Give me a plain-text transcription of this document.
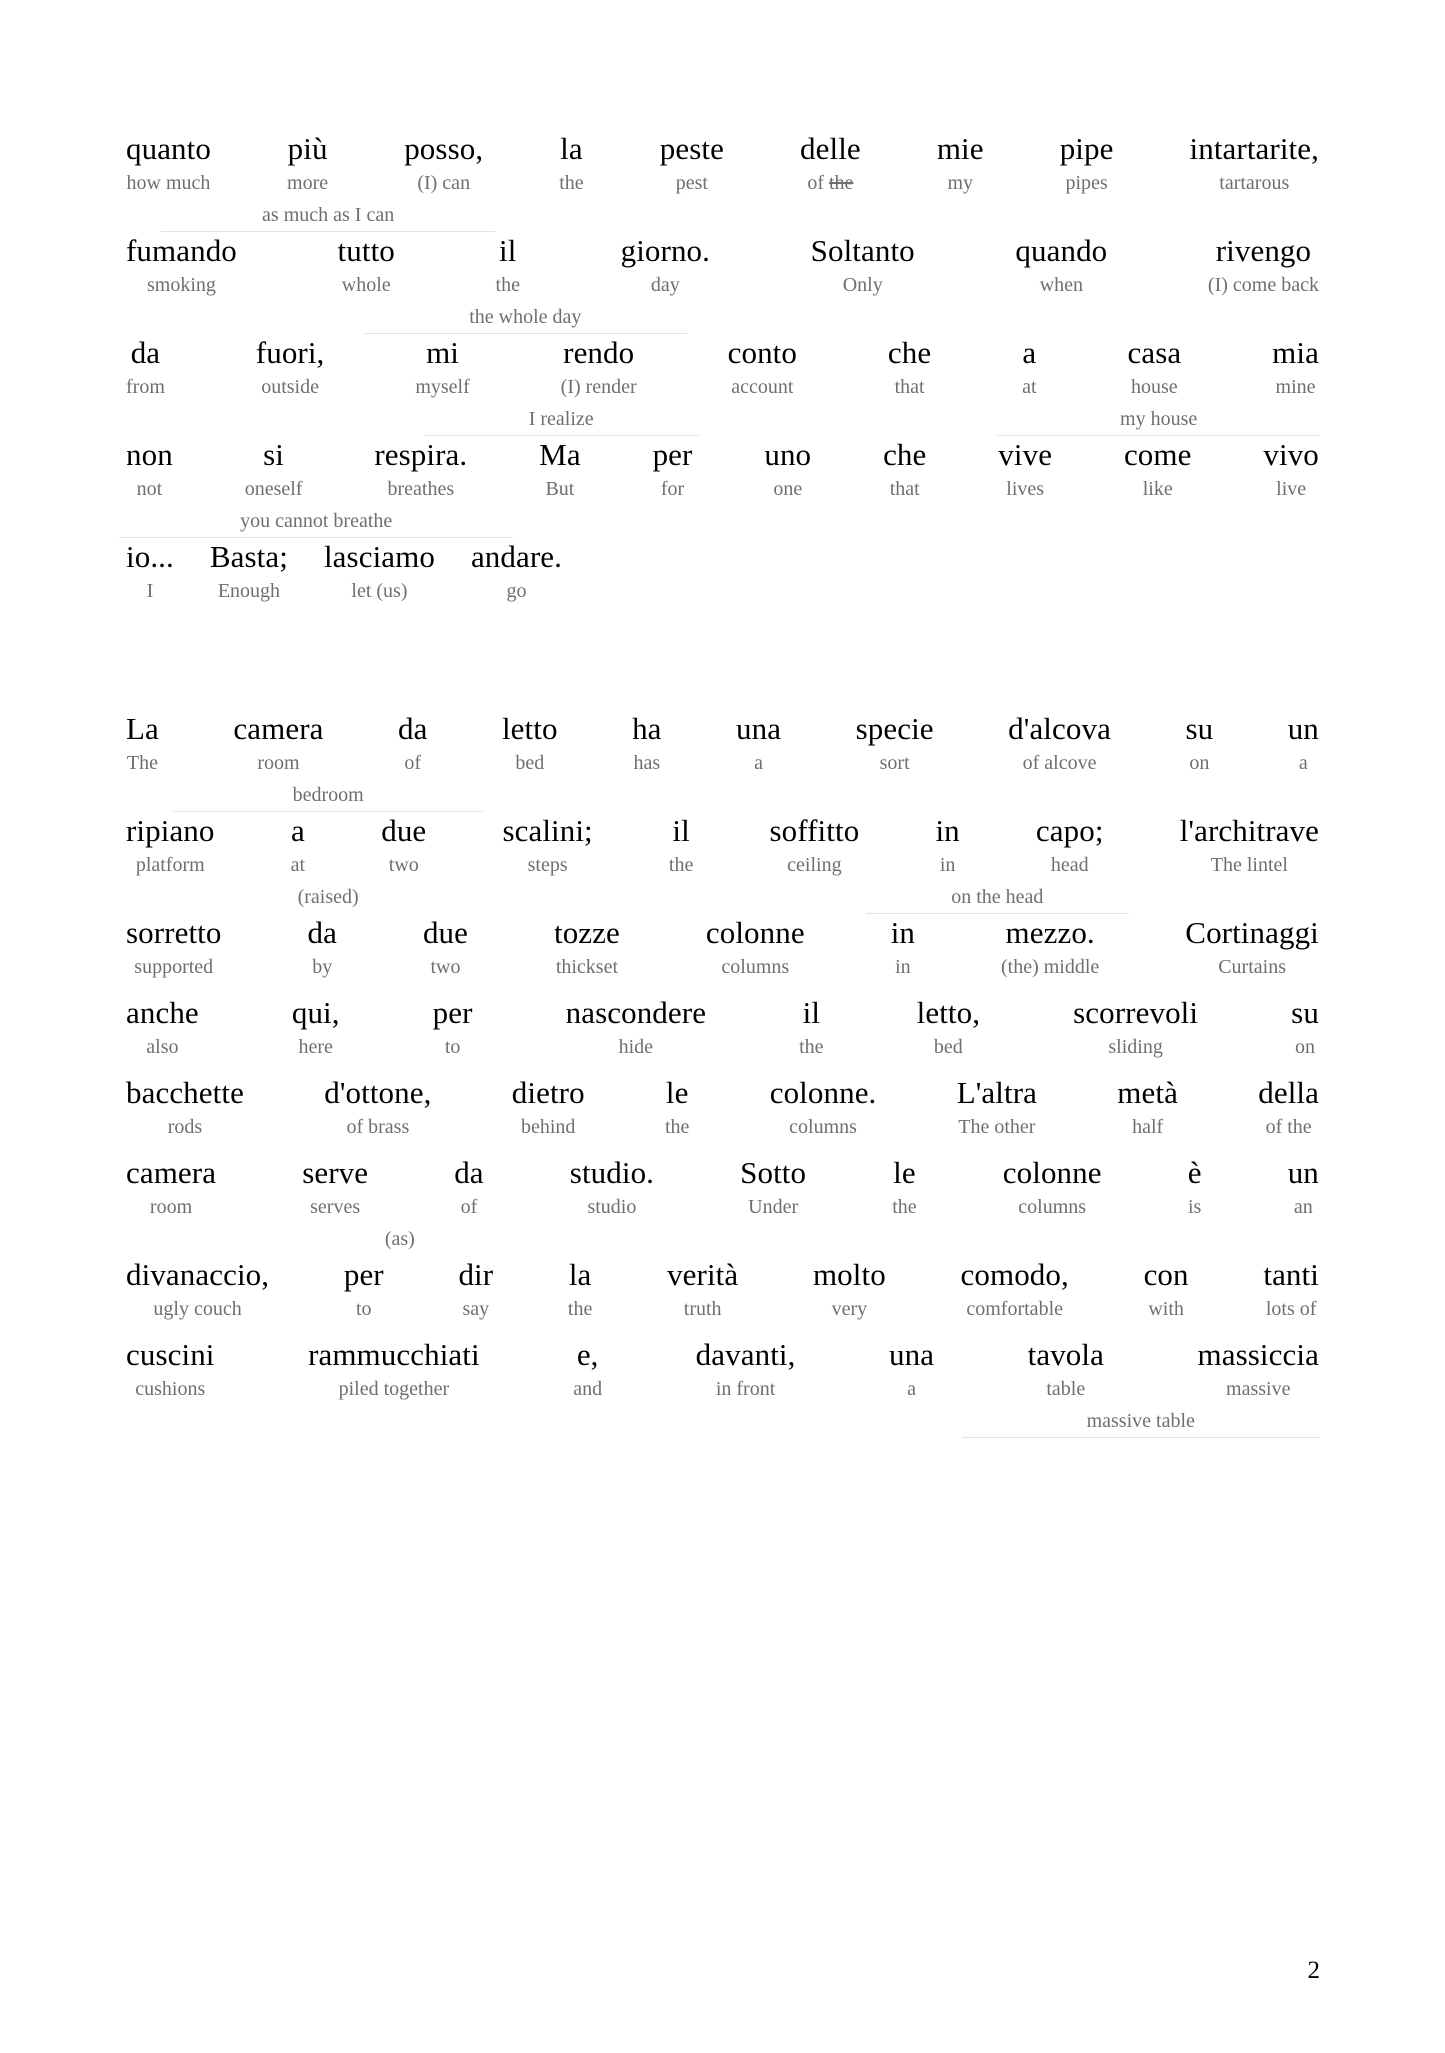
quanto
how much
più
more
posso,
(I) can
la
the
peste
pest
delle
of the
mie
my
pipe
pipes
intartarite,
tartarous
as much as I can
fumando
smoking
tutto
whole
il
the
giorno.
day
Soltanto
Only
quando
when
rivengo
(I) come back
the whole day
da
from
fuori,
outside
mi
myself
rendo
(I) render
conto
account
che
that
a
at
casa
house
mia
mine
I realize	my house
non
not
si
oneself
respira.
breathes
Ma
But
per
for
uno
one
che
that
vive
lives
come
like
vivo
live
you cannot breathe
io...
I
Basta;
Enough
lasciamo
let (us)
andare.
go
La
The
camera
room
da
of
letto
bed
ha
has
una
a
specie
sort
d'alcova
of alcove
su
on
un
a
bedroom
ripiano
platform
a
at
due
two
scalini;
steps
il
the
soffitto
ceiling
in
in
capo;
head
l'architrave
The lintel
(raised)	on the head
sorretto
supported
da
by
due
two
tozze
thickset
colonne
columns
in
in
mezzo.
(the) middle
Cortinaggi
Curtains
anche
also
qui,
here
per
to
nascondere
hide
il
the
letto,
bed
scorrevoli
sliding
su
on
bacchette
rods
d'ottone,
of brass
dietro
behind
le
the
colonne.
columns
L'altra
The other
metà
half
della
of the
camera
room
serve
serves
da
of
studio.
studio
Sotto
Under
le
the
colonne
columns
è
is
un
an
(as)
divanaccio,
ugly couch
per
to
dir
say
la
the
verità
truth
molto
very
comodo,
comfortable
con
with
tanti
lots of
cuscini
cushions
rammucchiati
piled together
e,
and
davanti,
in front
una
a
tavola
table
massiccia
massive
massive table
2
